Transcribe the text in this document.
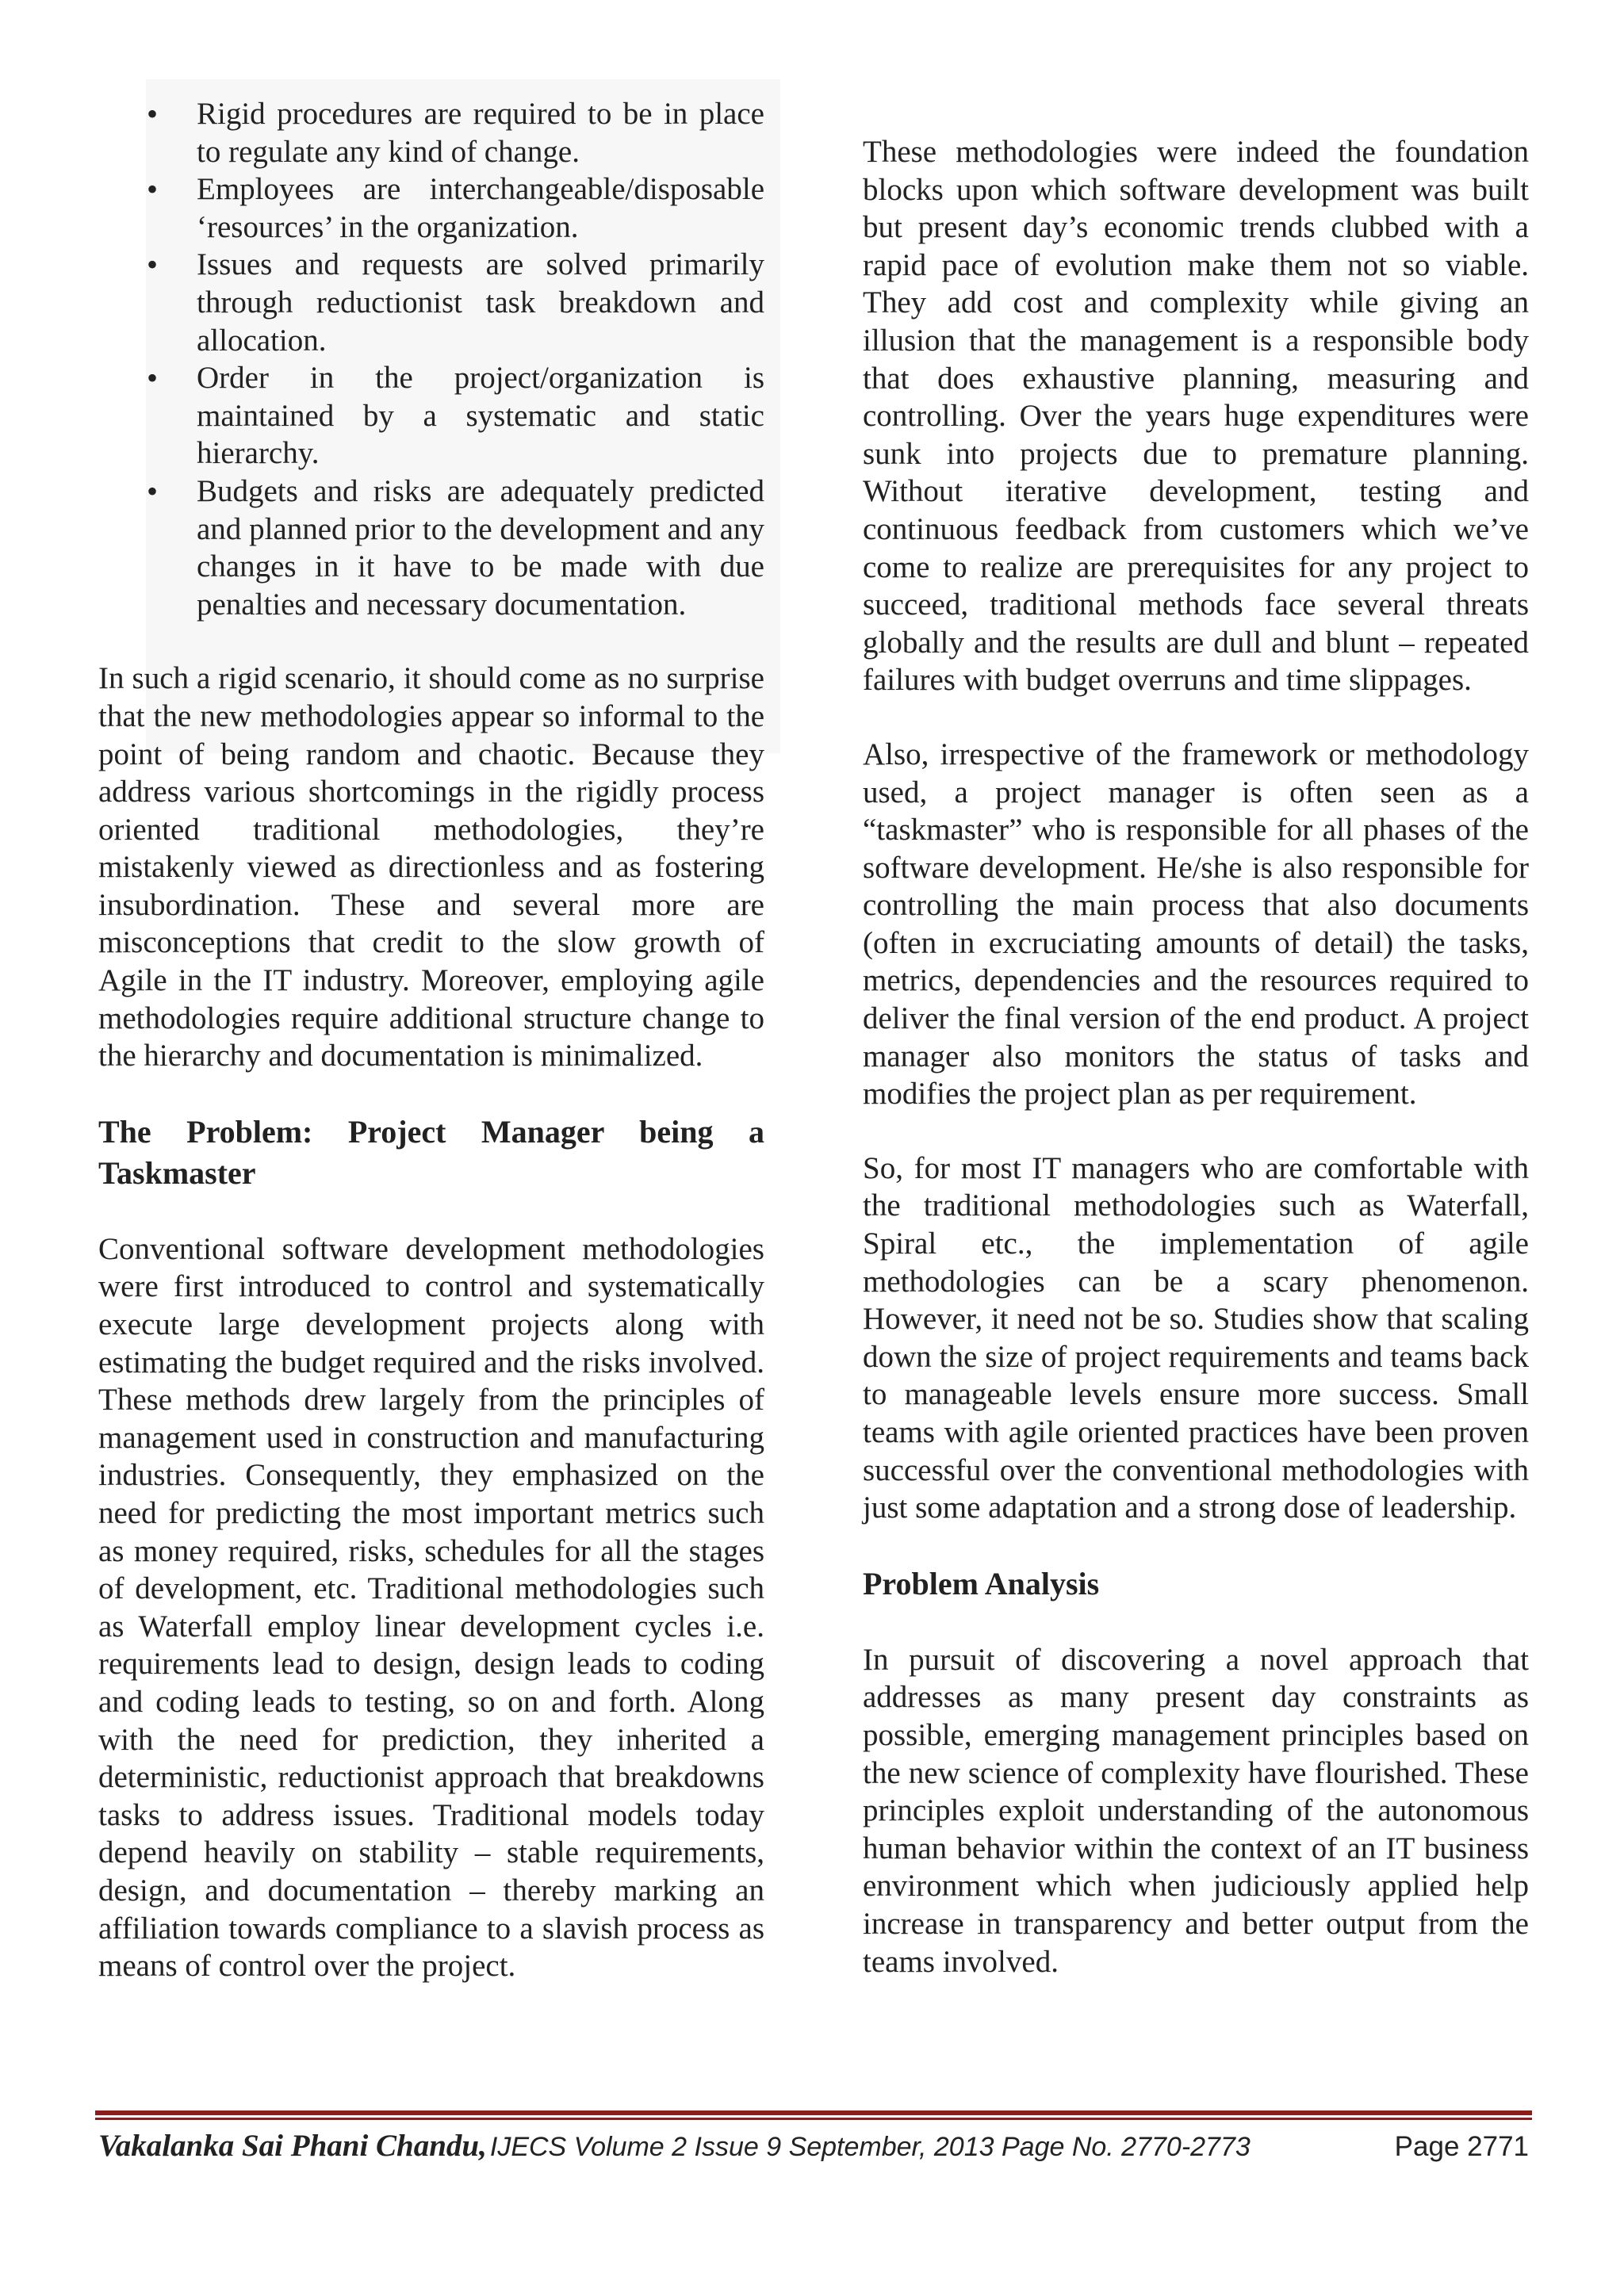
• Rigid procedures are required to be in place to regulate any kind of change.
• Employees are interchangeable/disposable ‘resources’ in the organization.
• Issues and requests are solved primarily through reductionist task breakdown and allocation.
• Order in the project/organization is maintained by a systematic and static hierarchy.
• Budgets and risks are adequately predicted and planned prior to the development and any changes in it have to be made with due penalties and necessary documentation.

In such a rigid scenario, it should come as no surprise that the new methodologies appear so informal to the point of being random and chaotic. Because they address various shortcomings in the rigidly process oriented traditional methodologies, they’re mistakenly viewed as directionless and as fostering insubordination. These and several more are misconceptions that credit to the slow growth of Agile in the IT industry. Moreover, employing agile methodologies require additional structure change to the hierarchy and documentation is minimalized.

The Problem: Project Manager being a Taskmaster

Conventional software development methodologies were first introduced to control and systematically execute large development projects along with estimating the budget required and the risks involved. These methods drew largely from the principles of management used in construction and manufacturing industries. Consequently, they emphasized on the need for predicting the most important metrics such as money required, risks, schedules for all the stages of development, etc. Traditional methodologies such as Waterfall employ linear development cycles i.e. requirements lead to design, design leads to coding and coding leads to testing, so on and forth. Along with the need for prediction, they inherited a deterministic, reductionist approach that breakdowns tasks to address issues. Traditional models today depend heavily on stability – stable requirements, design, and documentation – thereby marking an affiliation towards compliance to a slavish process as means of control over the project.

These methodologies were indeed the foundation blocks upon which software development was built but present day’s economic trends clubbed with a rapid pace of evolution make them not so viable. They add cost and complexity while giving an illusion that the management is a responsible body that does exhaustive planning, measuring and controlling. Over the years huge expenditures were sunk into projects due to premature planning. Without iterative development, testing and continuous feedback from customers which we’ve come to realize are prerequisites for any project to succeed, traditional methods face several threats globally and the results are dull and blunt – repeated failures with budget overruns and time slippages.

Also, irrespective of the framework or methodology used, a project manager is often seen as a “taskmaster” who is responsible for all phases of the software development. He/she is also responsible for controlling the main process that also documents (often in excruciating amounts of detail) the tasks, metrics, dependencies and the resources required to deliver the final version of the end product. A project manager also monitors the status of tasks and modifies the project plan as per requirement.

So, for most IT managers who are comfortable with the traditional methodologies such as Waterfall, Spiral etc., the implementation of agile methodologies can be a scary phenomenon. However, it need not be so. Studies show that scaling down the size of project requirements and teams back to manageable levels ensure more success. Small teams with agile oriented practices have been proven successful over the conventional methodologies with just some adaptation and a strong dose of leadership.

Problem Analysis

In pursuit of discovering a novel approach that addresses as many present day constraints as possible, emerging management principles based on the new science of complexity have flourished. These principles exploit understanding of the autonomous human behavior within the context of an IT business environment which when judiciously applied help increase in transparency and better output from the teams involved.

Vakalanka Sai Phani Chandu, IJECS Volume 2 Issue 9 September, 2013 Page No. 2770-2773	Page 2771
